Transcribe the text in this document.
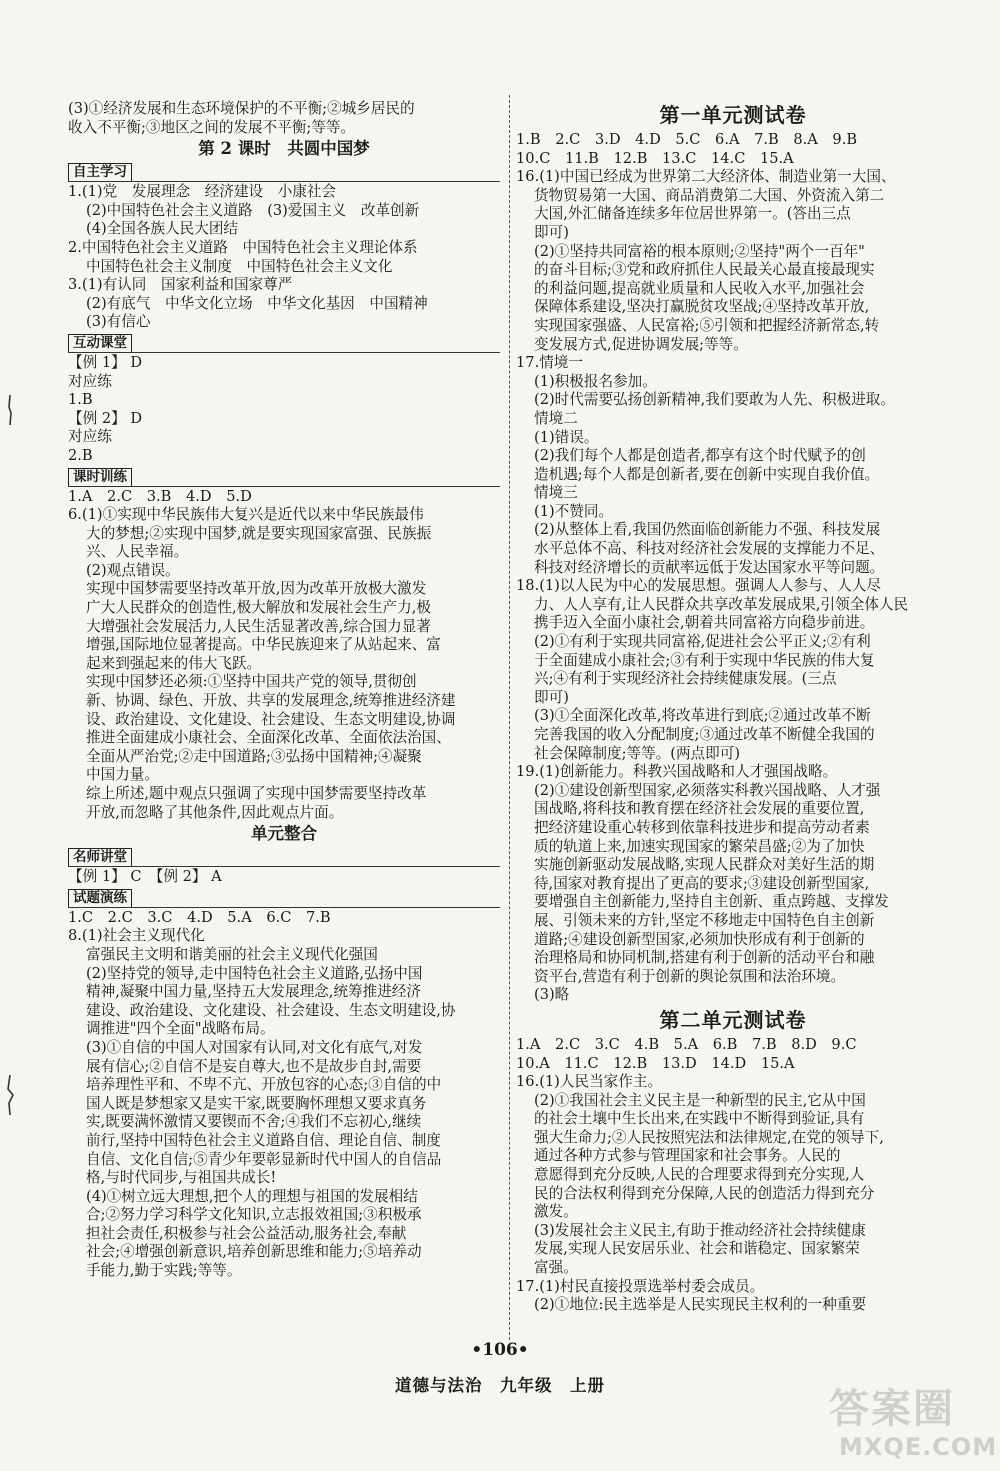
(3)①经济发展和生态环境保护的不平衡;②城乡居民的
收入不平衡;③地区之间的发展不平衡;等等。
第 2 课时　共圆中国梦
自主学习
1.(1)党　发展理念　经济建设　小康社会
(2)中国特色社会主义道路　(3)爱国主义　改革创新
(4)全国各族人民大团结
2.中国特色社会主义道路　中国特色社会主义理论体系
中国特色社会主义制度　中国特色社会主义文化
3.(1)有认同　国家利益和国家尊严
(2)有底气　中华文化立场　中华文化基因　中国精神
(3)有信心
互动课堂
【例 1】 D
对应练
1.B
【例 2】 D
对应练
2.B
课时训练
1.A　2.C　3.B　4.D　5.D
6.(1)①实现中华民族伟大复兴是近代以来中华民族最伟
大的梦想;②实现中国梦,就是要实现国家富强、民族振
兴、人民幸福。
(2)观点错误。
实现中国梦需要坚持改革开放,因为改革开放极大激发
广大人民群众的创造性,极大解放和发展社会生产力,极
大增强社会发展活力,人民生活显著改善,综合国力显著
增强,国际地位显著提高。中华民族迎来了从站起来、富
起来到强起来的伟大飞跃。
实现中国梦还必须:①坚持中国共产党的领导,贯彻创
新、协调、绿色、开放、共享的发展理念,统筹推进经济建
设、政治建设、文化建设、社会建设、生态文明建设,协调
推进全面建成小康社会、全面深化改革、全面依法治国、
全面从严治党;②走中国道路;③弘扬中国精神;④凝聚
中国力量。
综上所述,题中观点只强调了实现中国梦需要坚持改革
开放,而忽略了其他条件,因此观点片面。
单元整合
名师讲堂
【例 1】 C　【例 2】 A
试题演练
1.C　2.C　3.C　4.D　5.A　6.C　7.B
8.(1)社会主义现代化
富强民主文明和谐美丽的社会主义现代化强国
(2)坚持党的领导,走中国特色社会主义道路,弘扬中国
精神,凝聚中国力量,坚持五大发展理念,统筹推进经济
建设、政治建设、文化建设、社会建设、生态文明建设,协
调推进"四个全面"战略布局。
(3)①自信的中国人对国家有认同,对文化有底气,对发
展有信心;②自信不是妄自尊大,也不是故步自封,需要
培养理性平和、不卑不亢、开放包容的心态;③自信的中
国人既是梦想家又是实干家,既要胸怀理想又要求真务
实,既要满怀激情又要锲而不舍;④我们不忘初心,继续
前行,坚持中国特色社会主义道路自信、理论自信、制度
自信、文化自信;⑤青少年要彰显新时代中国人的自信品
格,与时代同步,与祖国共成长!
(4)①树立远大理想,把个人的理想与祖国的发展相结
合;②努力学习科学文化知识,立志报效祖国;③积极承
担社会责任,积极参与社会公益活动,服务社会,奉献
社会;④增强创新意识,培养创新思维和能力;⑤培养动
手能力,勤于实践;等等。
第一单元测试卷
1.B　2.C　3.D　4.D　5.C　6.A　7.B　8.A　9.B
10.C　11.B　12.B　13.C　14.C　15.A
16.(1)中国已经成为世界第二大经济体、制造业第一大国、
货物贸易第一大国、商品消费第二大国、外资流入第二
大国,外汇储备连续多年位居世界第一。(答出三点
即可)
(2)①坚持共同富裕的根本原则;②坚持"两个一百年"
的奋斗目标;③党和政府抓住人民最关心最直接最现实
的利益问题,提高就业质量和人民收入水平,加强社会
保障体系建设,坚决打赢脱贫攻坚战;④坚持改革开放,
实现国家强盛、人民富裕;⑤引领和把握经济新常态,转
变发展方式,促进协调发展;等等。
17.情境一
(1)积极报名参加。
(2)时代需要弘扬创新精神,我们要敢为人先、积极进取。
情境二
(1)错误。
(2)我们每个人都是创造者,都享有这个时代赋予的创
造机遇;每个人都是创新者,要在创新中实现自我价值。
情境三
(1)不赞同。
(2)从整体上看,我国仍然面临创新能力不强、科技发展
水平总体不高、科技对经济社会发展的支撑能力不足、
科技对经济增长的贡献率远低于发达国家水平等问题。
18.(1)以人民为中心的发展思想。强调人人参与、人人尽
力、人人享有,让人民群众共享改革发展成果,引领全体人民
携手迈入全面小康社会,朝着共同富裕方向稳步前进。
(2)①有利于实现共同富裕,促进社会公平正义;②有利
于全面建成小康社会;③有利于实现中华民族的伟大复
兴;④有利于实现经济社会持续健康发展。(三点
即可)
(3)①全面深化改革,将改革进行到底;②通过改革不断
完善我国的收入分配制度;③通过改革不断健全我国的
社会保障制度;等等。(两点即可)
19.(1)创新能力。科教兴国战略和人才强国战略。
(2)①建设创新型国家,必须落实科教兴国战略、人才强
国战略,将科技和教育摆在经济社会发展的重要位置,
把经济建设重心转移到依靠科技进步和提高劳动者素
质的轨道上来,加速实现国家的繁荣昌盛;②为了加快
实施创新驱动发展战略,实现人民群众对美好生活的期
待,国家对教育提出了更高的要求;③建设创新型国家,
要增强自主创新能力,坚持自主创新、重点跨越、支撑发
展、引领未来的方针,坚定不移地走中国特色自主创新
道路;④建设创新型国家,必须加快形成有利于创新的
治理格局和协同机制,搭建有利于创新的活动平台和融
资平台,营造有利于创新的舆论氛围和法治环境。
(3)略
第二单元测试卷
1.A　2.C　3.C　4.B　5.A　6.B　7.B　8.D　9.C
10.A　11.C　12.B　13.D　14.D　15.A
16.(1)人民当家作主。
(2)①我国社会主义民主是一种新型的民主,它从中国
的社会土壤中生长出来,在实践中不断得到验证,具有
强大生命力;②人民按照宪法和法律规定,在党的领导下,
通过各种方式参与管理国家和社会事务。人民的
意愿得到充分反映,人民的合理要求得到充分实现,人
民的合法权利得到充分保障,人民的创造活力得到充分
激发。
(3)发展社会主义民主,有助于推动经济社会持续健康
发展,实现人民安居乐业、社会和谐稳定、国家繁荣
富强。
17.(1)村民直接投票选举村委会成员。
(2)①地位:民主选举是人民实现民主权利的一种重要
•106•
道德与法治　九年级　上册
答案圈
MXQE.COM
